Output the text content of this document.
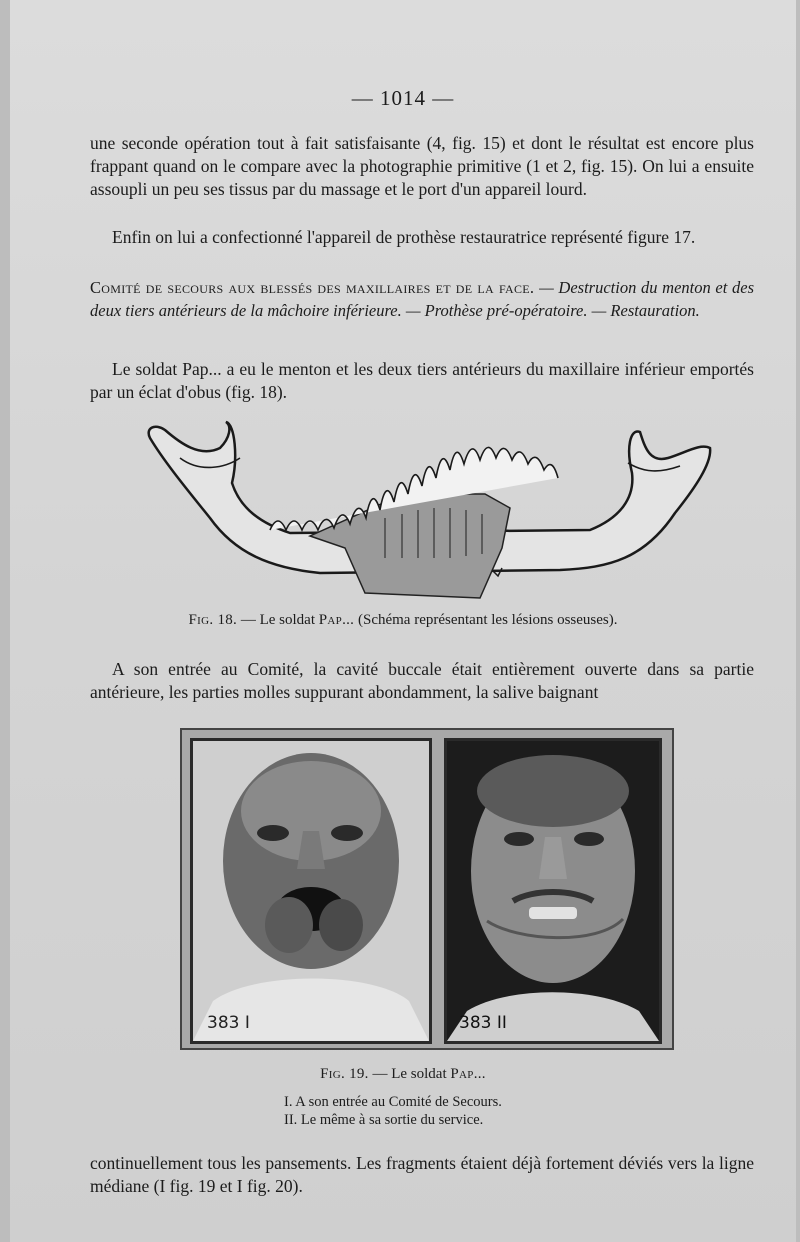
— 1014 —

une seconde opération tout à fait satisfaisante (4, fig. 15) et dont le résultat est encore plus frappant quand on le compare avec la photographie primitive (1 et 2, fig. 15). On lui a ensuite assoupli un peu ses tissus par du massage et le port d'un appareil lourd.

Enfin on lui a confectionné l'appareil de prothèse restauratrice représenté figure 17.

Comité de secours aux blessés des maxillaires et de la face. — Destruction du menton et des deux tiers antérieurs de la mâchoire inférieure. — Prothèse pré-opératoire. — Restauration.

Le soldat Pap... a eu le menton et les deux tiers antérieurs du maxillaire inférieur emportés par un éclat d'obus (fig. 18).

Fig. 18. — Le soldat Pap... (Schéma représentant les lésions osseuses).

A son entrée au Comité, la cavité buccale était entièrement ouverte dans sa partie antérieure, les parties molles suppurant abondamment, la salive baignant

383 I	383 II
Fig. 19. — Le soldat Pap...
I. A son entrée au Comité de Secours.
II. Le même à sa sortie du service.

continuellement tous les pansements. Les fragments étaient déjà fortement déviés vers la ligne médiane (I fig. 19 et I fig. 20).
